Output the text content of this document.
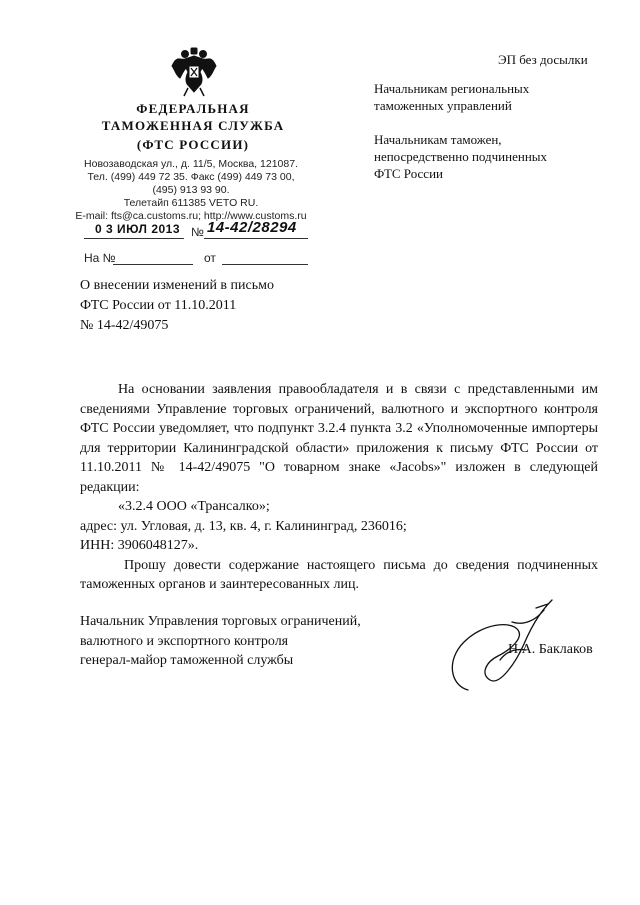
ЭП без досылки
ФЕДЕРАЛЬНАЯ
ТАМОЖЕННАЯ СЛУЖБА
(ФТС РОССИИ)
Новозаводская ул., д. 11/5, Москва, 121087.
Тел. (499) 449 72 35. Факс (499) 449 73 00,
(495) 913 93 90.
Телетайп 611385 VETO RU.
E-mail: fts@ca.customs.ru; http://www.customs.ru
0 3 ИЮЛ 2013 № 14-42/28294
На №	от
Начальникам региональных
таможенных управлений
Начальникам таможен,
непосредственно подчиненных
ФТС России
О внесении изменений в письмо
ФТС России от 11.10.2011
№ 14-42/49075

На основании заявления правообладателя и в связи с представленными им сведениями Управление торговых ограничений, валютного и экспортного контроля ФТС России уведомляет, что подпункт 3.2.4 пункта 3.2 «Уполномоченные импортеры для территории Калининградской области» приложения к письму ФТС России от 11.10.2011 № 14-42/49075 "О товарном знаке «Jacobs»" изложен в следующей редакции:

«3.2.4 ООО «Трансалко»;

адрес: ул. Угловая, д. 13, кв. 4, г. Калининград, 236016;

ИНН: 3906048127».

Прошу довести содержание настоящего письма до сведения подчиненных таможенных органов и заинтересованных лиц.

Начальник Управления торговых ограничений,
валютного и экспортного контроля
генерал-майор таможенной службы
Н.А. Баклаков
